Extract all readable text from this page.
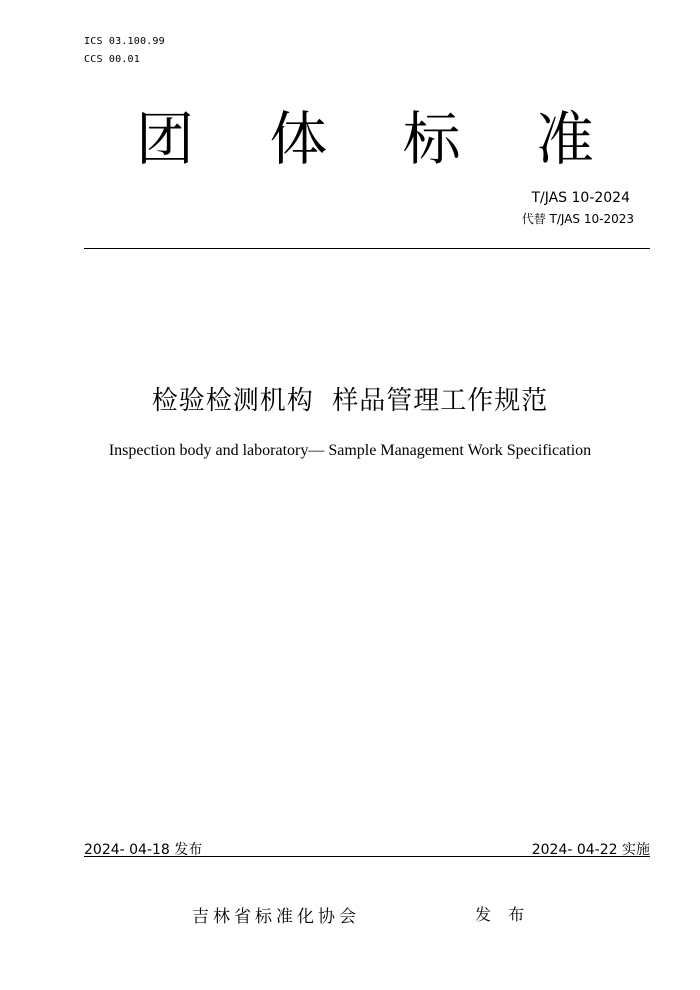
ICS 03.100.99
CCS 00.01
团 体 标 准
T/JAS 10-2024
代替 T/JAS 10-2023
检验检测机构  样品管理工作规范
Inspection body and laboratory— Sample Management Work Specification
2024- 04-18 发布	2024- 04-22 实施
吉林省标准化协会	发 布
